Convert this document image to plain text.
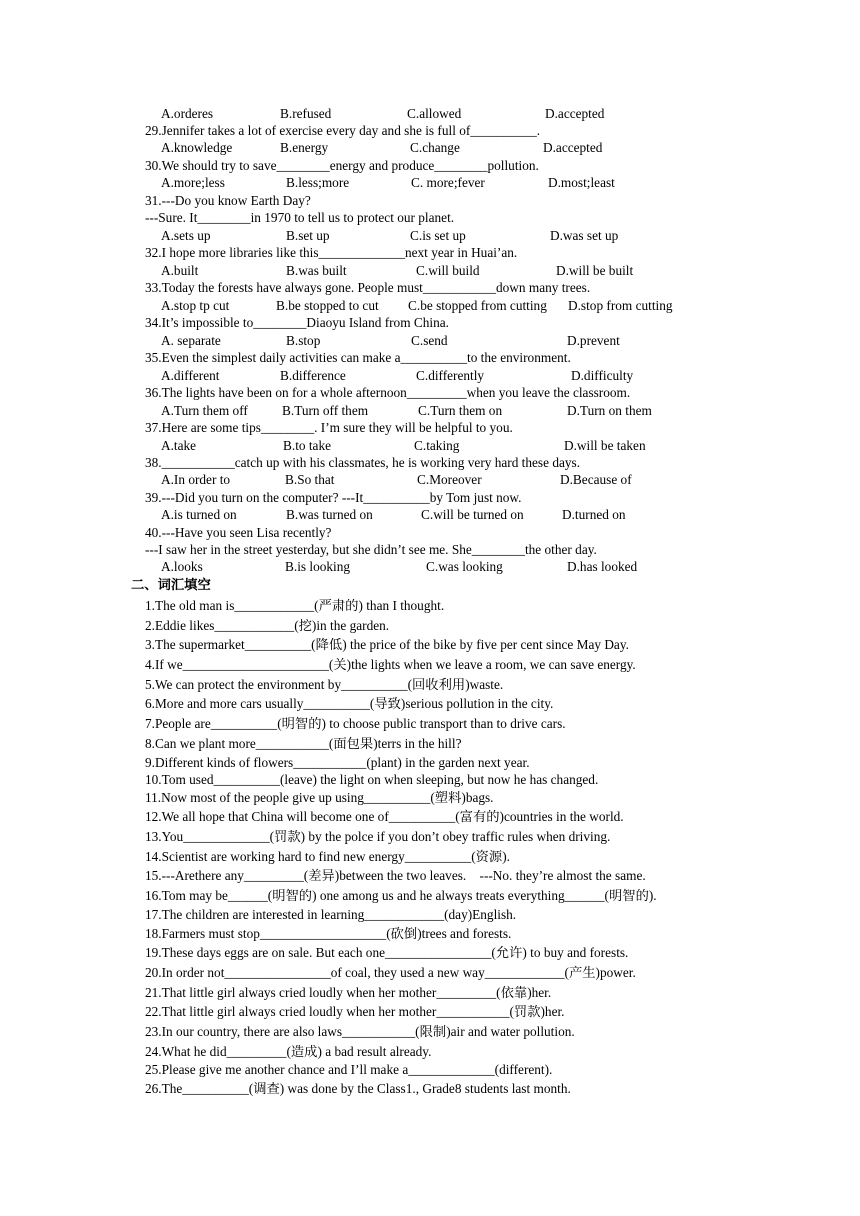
A.orderes	B.refused	C.allowed	D.accepted
29.Jennifer takes a lot of exercise every day and she is full of__________.
A.knowledge	B.energy	C.change	D.accepted
30.We should try to save________energy and produce________pollution.
A.more;less	B.less;more	C. more;fever	D.most;least
31.---Do you know Earth Day?
---Sure. It________in 1970 to tell us to protect our planet.
A.sets up	B.set up	C.is set up	D.was set up
32.I hope more libraries like this_____________next year in Huai’an.
A.built	B.was built	C.will build	D.will be built
33.Today the forests have always gone. People must___________down many trees.
A.stop tp cut	B.be stopped to cut C.be stopped from cutting D.stop from cutting
34.It’s impossible to________Diaoyu Island from China.
A. separate	B.stop	C.send	D.prevent
35.Even the simplest daily activities can make a__________to the environment.
A.different	B.difference	C.differently	D.difficulty
36.The lights have been on for a whole afternoon_________when you leave the classroom.
A.Turn them off	B.Turn off them	C.Turn them on	D.Turn on them
37.Here are some tips________. I’m sure they will be helpful to you.
A.take	B.to take	C.taking	D.will be taken
38.___________catch up with his classmates, he is working very hard these days.
A.In order to	B.So that	C.Moreover	D.Because of
39.---Did you turn on the computer? ---It__________by Tom just now.
A.is turned on	B.was turned on	C.will be turned on	D.turned on
40.---Have you seen Lisa recently?
---I saw her in the street yesterday, but she didn’t see me. She________the other day.
A.looks	B.is looking	C.was looking	D.has looked
二、词汇填空
1.The old man is____________(严肃的) than I thought.
2.Eddie likes____________(挖)in the garden.
3.The supermarket__________(降低) the price of the bike by five per cent since May Day.
4.If we______________________(关)the lights when we leave a room, we can save energy.
5.We can protect the environment by__________(回收利用)waste.
6.More and more cars usually__________(导致)serious pollution in the city.
7.People are__________(明智的) to choose public transport than to drive cars.
8.Can we plant more___________(面包果)terrs in the hill?
9.Different kinds of flowers___________(plant) in the garden next year.
10.Tom used__________(leave) the light on when sleeping, but now he has changed.
11.Now most of the people give up using__________(塑料)bags.
12.We all hope that China will become one of__________(富有的)countries in the world.
13.You_____________(罚款) by the polce if you don’t obey traffic rules when driving.
14.Scientist are working hard to find new energy__________(资源).
15.---Arethere any_________(差异)between the two leaves.    ---No. they’re almost the same.
16.Tom may be______(明智的) one among us and he always treats everything______(明智的).
17.The children are interested in learning____________(day)English.
18.Farmers must stop___________________(砍倒)trees and forests.
19.These days eggs are on sale. But each one________________(允许) to buy and forests.
20.In order not________________of coal, they used a new way____________(产生)power.
21.That little girl always cried loudly when her mother_________(依靠)her.
22.That little girl always cried loudly when her mother___________(罚款)her.
23.In our country, there are also laws___________(限制)air and water pollution.
24.What he did_________(造成) a bad result already.
25.Please give me another chance and I’ll make a_____________(different).
26.The__________(调查) was done by the Class1., Grade8 students last month.
